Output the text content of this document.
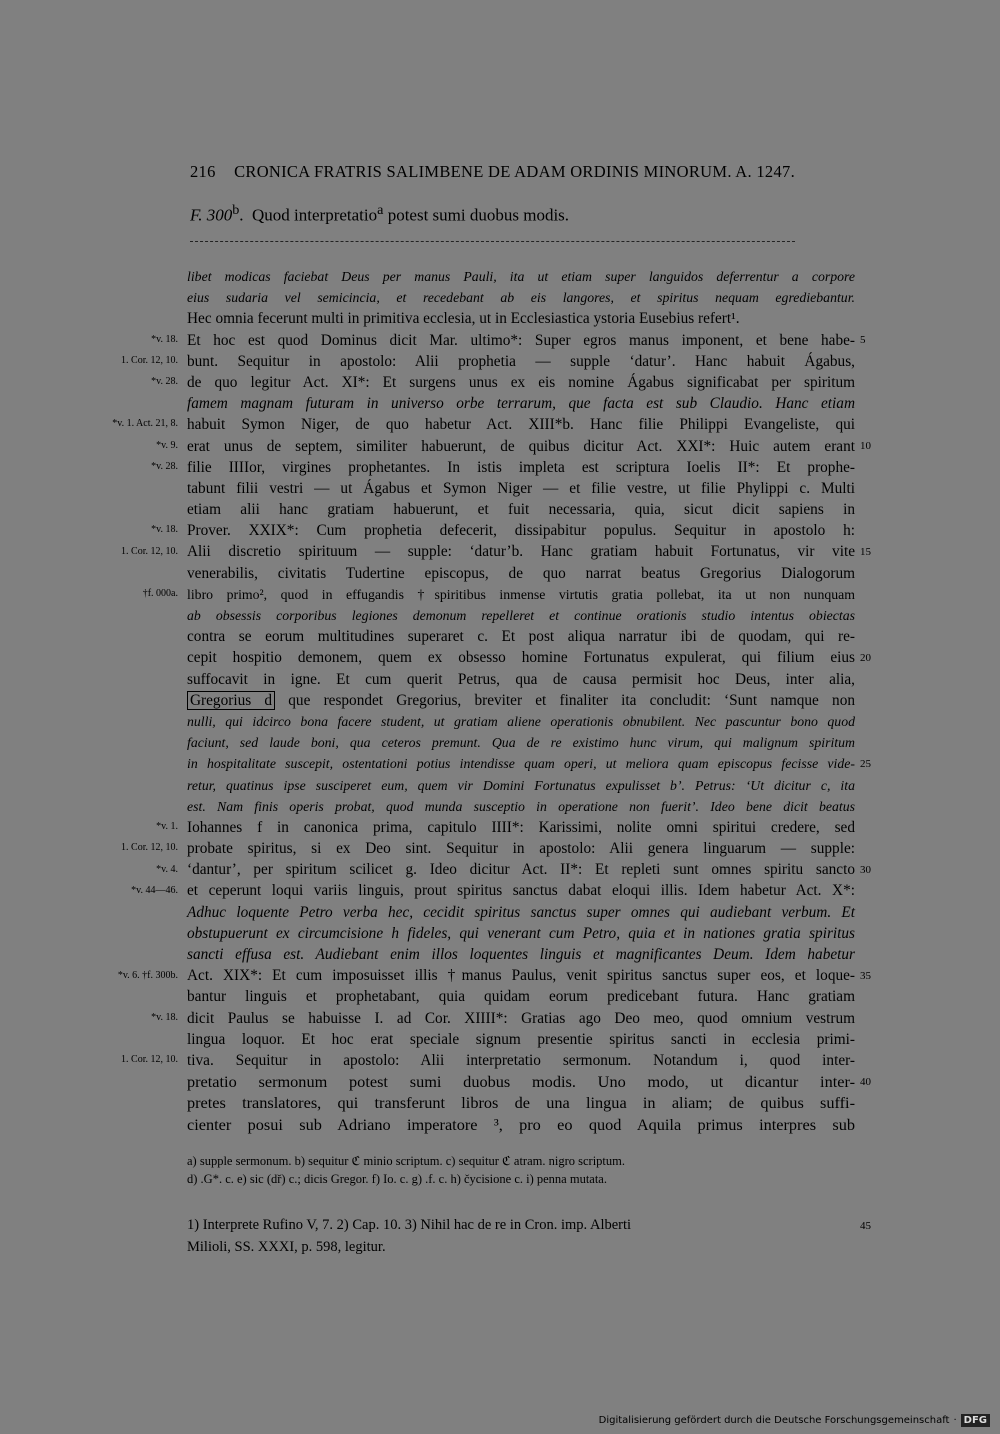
216 CRONICA FRATRIS SALIMBENE DE ADAM ORDINIS MINORUM. A. 1247.
F. 300$^b$.  Quod interpretatio$^a$ potest sumi duobus modis.
libet modicas faciebat Deus per manus Pauli, ita ut etiam super languidos deferrentur a corpore
eius sudaria vel semicincia, et recedebant ab eis langores, et spiritus nequam egrediebantur.
Hec omnia fecerunt multi in primitiva ecclesia, ut in Ecclesiastica ystoria Eusebius refert¹.
Et hoc est quod Dominus dicit Mar. ultimo*: Super egros manus imponent, et bene habe-
bunt. Sequitur in apostolo: Alii prophetia — supple ‘datur’. Hanc habuit Ágabus,
de quo legitur Act. XI*: Et surgens unus ex eis nomine Ágabus significabat per spiritum
famem magnam futuram in universo orbe terrarum, que facta est sub Claudio. Hanc etiam
habuit Symon Niger, de quo habetur Act. XIII*b. Hanc filie Philippi Evangeliste, qui
erat unus de septem, similiter habuerunt, de quibus dicitur Act. XXI*: Huic autem erant
filie IIIIor, virgines prophetantes. In istis impleta est scriptura Ioelis II*: Et prophe-
tabunt filii vestri — ut Ágabus et Symon Niger — et filie vestre, ut filie Phylippi c. Multi
etiam alii hanc gratiam habuerunt, et fuit necessaria, quia, sicut dicit sapiens in
Prover. XXIX*: Cum prophetia defecerit, dissipabitur populus. Sequitur in apostolo h:
Alii discretio spirituum — supple: ‘datur’b. Hanc gratiam habuit Fortunatus, vir vite
venerabilis, civitatis Tudertine episcopus, de quo narrat beatus Gregorius Dialogorum
libro primo², quod in effugandis †spiritibus inmense virtutis gratia pollebat, ita ut non nunquam
ab obsessis corporibus legiones demonum repelleret et continue orationis studio intentus obiectas
contra se eorum multitudines superaret c. Et post aliqua narratur ibi de quodam, qui re-
cepit hospitio demonem, quem ex obsesso homine Fortunatus expulerat, qui filium eius
suffocavit in igne. Et cum querit Petrus, qua de causa permisit hoc Deus, inter alia,
Gregorius d que respondet Gregorius, breviter et finaliter ita concludit: ‘Sunt namque non
nulli, qui idcirco bona facere student, ut gratiam aliene operationis obnubilent. Nec pascuntur bono quod
faciunt, sed laude boni, qua ceteros premunt. Qua de re existimo hunc virum, qui malignum spiritum
in hospitalitate suscepit, ostentationi potius intendisse quam operi, ut meliora quam episcopus fecisse vide-
retur, quatinus ipse susciperet eum, quem vir Domini Fortunatus expulisset b’. Petrus: ‘Ut dicitur c, ita
est. Nam finis operis probat, quod munda susceptio in operatione non fuerit’. Ideo bene dicit beatus
Iohannes f in canonica prima, capitulo IIII*: Karissimi, nolite omni spiritui credere, sed
probate spiritus, si ex Deo sint. Sequitur in apostolo: Alii genera linguarum — supple:
‘dantur’, per spiritum scilicet g. Ideo dicitur Act. II*: Et repleti sunt omnes spiritu sancto
et ceperunt loqui variis linguis, prout spiritus sanctus dabat eloqui illis. Idem habetur Act. X*:
Adhuc loquente Petro verba hec, cecidit spiritus sanctus super omnes qui audiebant verbum. Et
obstupuerunt ex circumcisione h fideles, qui venerant cum Petro, quia et in nationes gratia spiritus
sancti effusa est. Audiebant enim illos loquentes linguis et magnificantes Deum. Idem habetur
Act. XIX*: Et cum imposuisset illis †manus Paulus, venit spiritus sanctus super eos, et loque-
bantur linguis et prophetabant, quia quidam eorum predicebant futura. Hanc gratiam
dicit Paulus se habuisse I. ad Cor. XIIII*: Gratias ago Deo meo, quod omnium vestrum
lingua loquor. Et hoc erat speciale signum presentie spiritus sancti in ecclesia primi-
tiva. Sequitur in apostolo: Alii interpretatio sermonum. Notandum i, quod inter-
pretatio sermonum potest sumi duobus modis. Uno modo, ut dicantur inter-
pretes translatores, qui transferunt libros de una lingua in aliam; de quibus suffi-
cienter posui sub Adriano imperatore ³, pro eo quod Aquila primus interpres sub
a) supple sermonum. b) sequitur ℭ minio scriptum. c) sequitur ℭ atram. nigro scriptum.
d) .G*. c. e) sic (dř) c.; dicis Gregor. f) Io. c. g) .f. c. h) čycisione c. i) penna mutata.
1) Interprete Rufino V, 7. 2) Cap. 10. 3) Nihil hac de re in Cron. imp. Alberti
Milioli, SS. XXXI, p. 598, legitur.
45
Digitalisierung gefördert durch die Deutsche Forschungsgemeinschaft · DFG
*v. 18.	5
1. Cor. 12, 10.
*v. 28.
*v. 1. Act. 21, 8.
*v. 9.	10
*v. 28.
*v. 18.
1. Cor. 12, 10.	15
†f. 000a.
20
25
*v. 1.
1. Cor. 12, 10.
*v. 4.	30
*v. 44—46.
*v. 6. †f. 300b.	35
*v. 18.
1. Cor. 12, 10.
40
